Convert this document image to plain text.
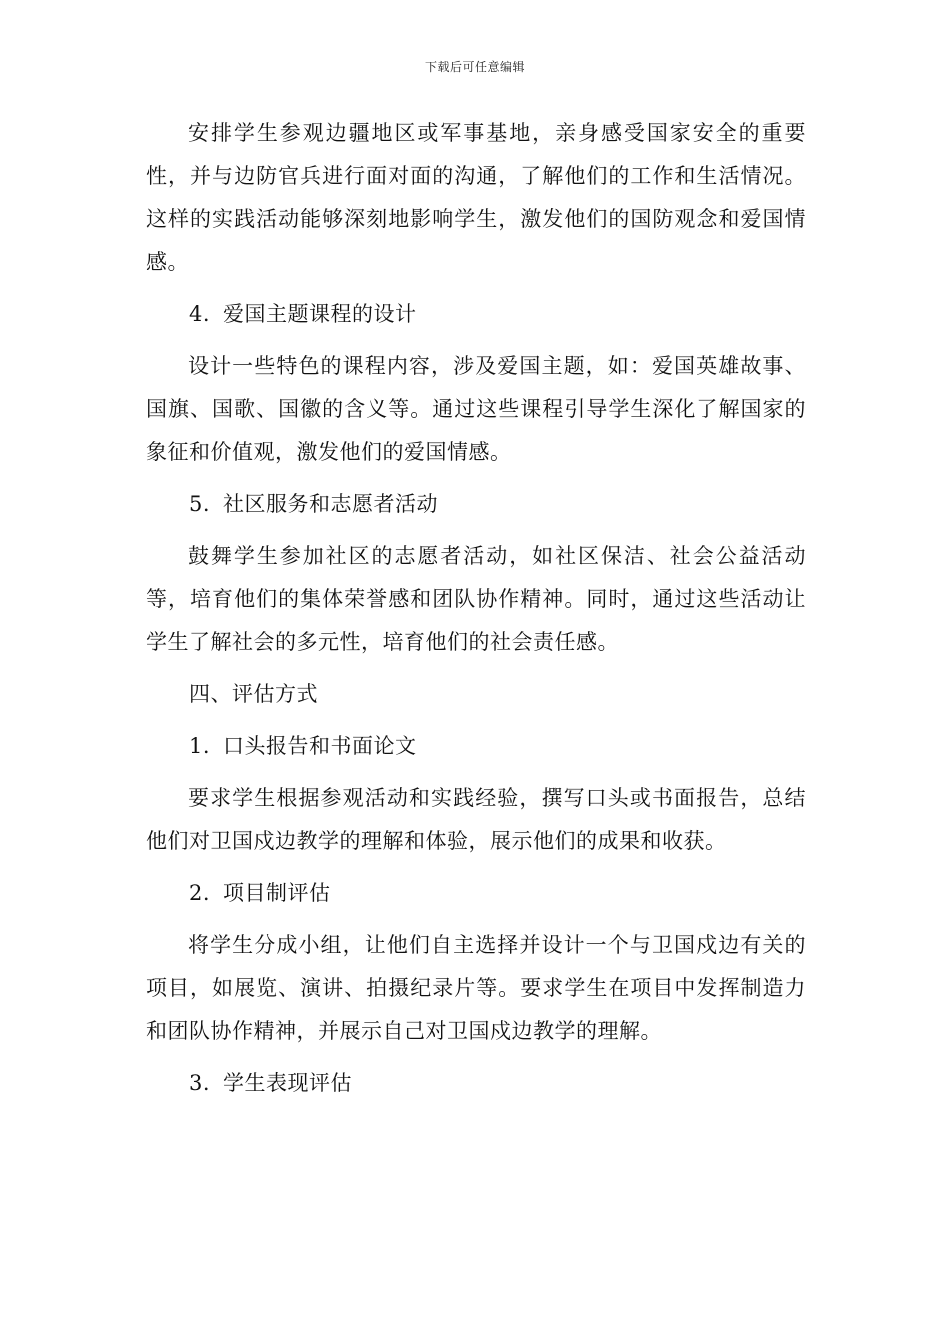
下载后可任意编辑

安排学生参观边疆地区或军事基地，亲身感受国家安全的重要性，并与边防官兵进行面对面的沟通，了解他们的工作和生活情况。这样的实践活动能够深刻地影响学生，激发他们的国防观念和爱国情感。

4. 爱国主题课程的设计

设计一些特色的课程内容，涉及爱国主题，如：爱国英雄故事、国旗、国歌、国徽的含义等。通过这些课程引导学生深化了解国家的象征和价值观，激发他们的爱国情感。

5. 社区服务和志愿者活动

鼓舞学生参加社区的志愿者活动，如社区保洁、社会公益活动等，培育他们的集体荣誉感和团队协作精神。同时，通过这些活动让学生了解社会的多元性，培育他们的社会责任感。

四、评估方式
1. 口头报告和书面论文

要求学生根据参观活动和实践经验，撰写口头或书面报告，总结他们对卫国戍边教学的理解和体验，展示他们的成果和收获。

2. 项目制评估

将学生分成小组，让他们自主选择并设计一个与卫国戍边有关的项目，如展览、演讲、拍摄纪录片等。要求学生在项目中发挥制造力和团队协作精神，并展示自己对卫国戍边教学的理解。

3. 学生表现评估
